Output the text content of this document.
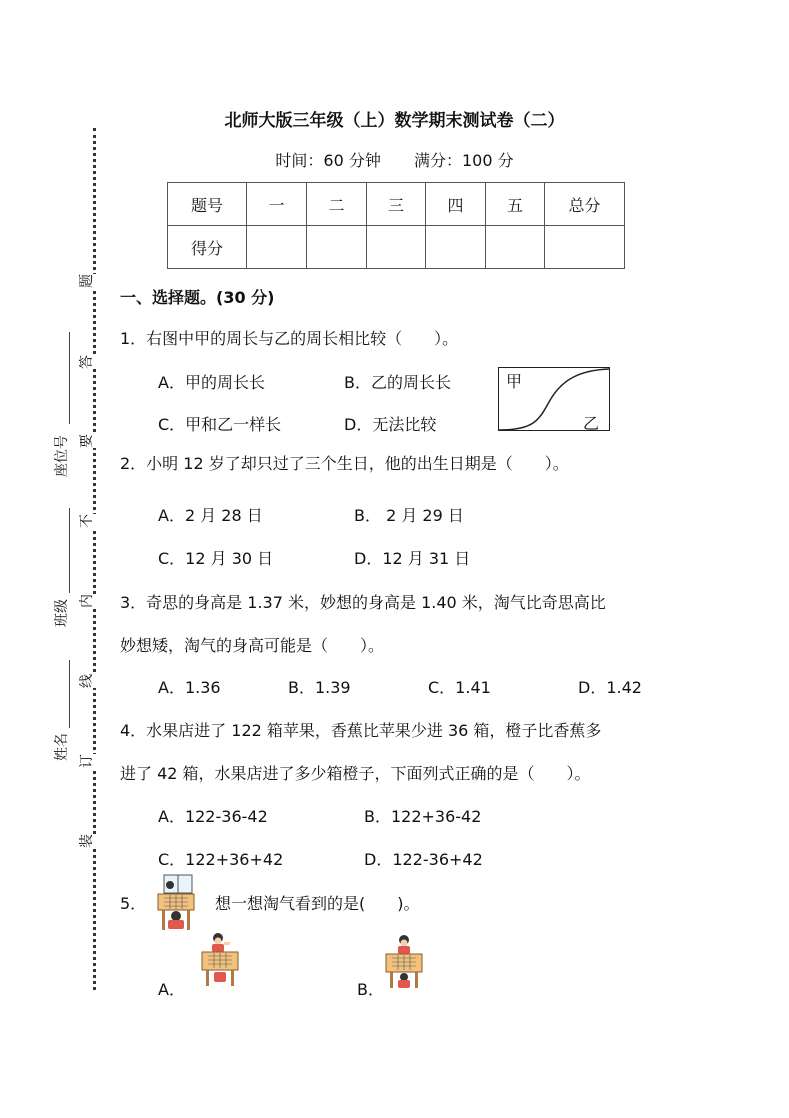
北师大版三年级（上）数学期末测试卷（二）
时间：60 分钟 满分：100 分
题号	一	二	三	四	五	总分
得分						
题
答
要
不
内
线
订
装
座位号
班级
姓名
一、选择题。(30 分)
1．右图中甲的周长与乙的周长相比较（　　）。
A．甲的周长长	B．乙的周长长
C．甲和乙一样长	D．无法比较
甲
乙
2．小明 12 岁了却只过了三个生日，他的出生日期是（　　）。
A．2 月 28 日	B． 2 月 29 日
C．12 月 30 日	D．12 月 31 日
3．奇思的身高是 1.37 米，妙想的身高是 1.40 米，淘气比奇思高比
妙想矮，淘气的身高可能是（　　）。
A．1.36	B．1.39	C．1.41	D．1.42
4．水果店进了 122 箱苹果，香蕉比苹果少进 36 箱，橙子比香蕉多
进了 42 箱，水果店进了多少箱橙子，下面列式正确的是（　　）。
A．122-36-42	B．122+36-42
C．122+36+42	D．122-36+42
5．	想一想淘气看到的是(　　)。
A．	B．
